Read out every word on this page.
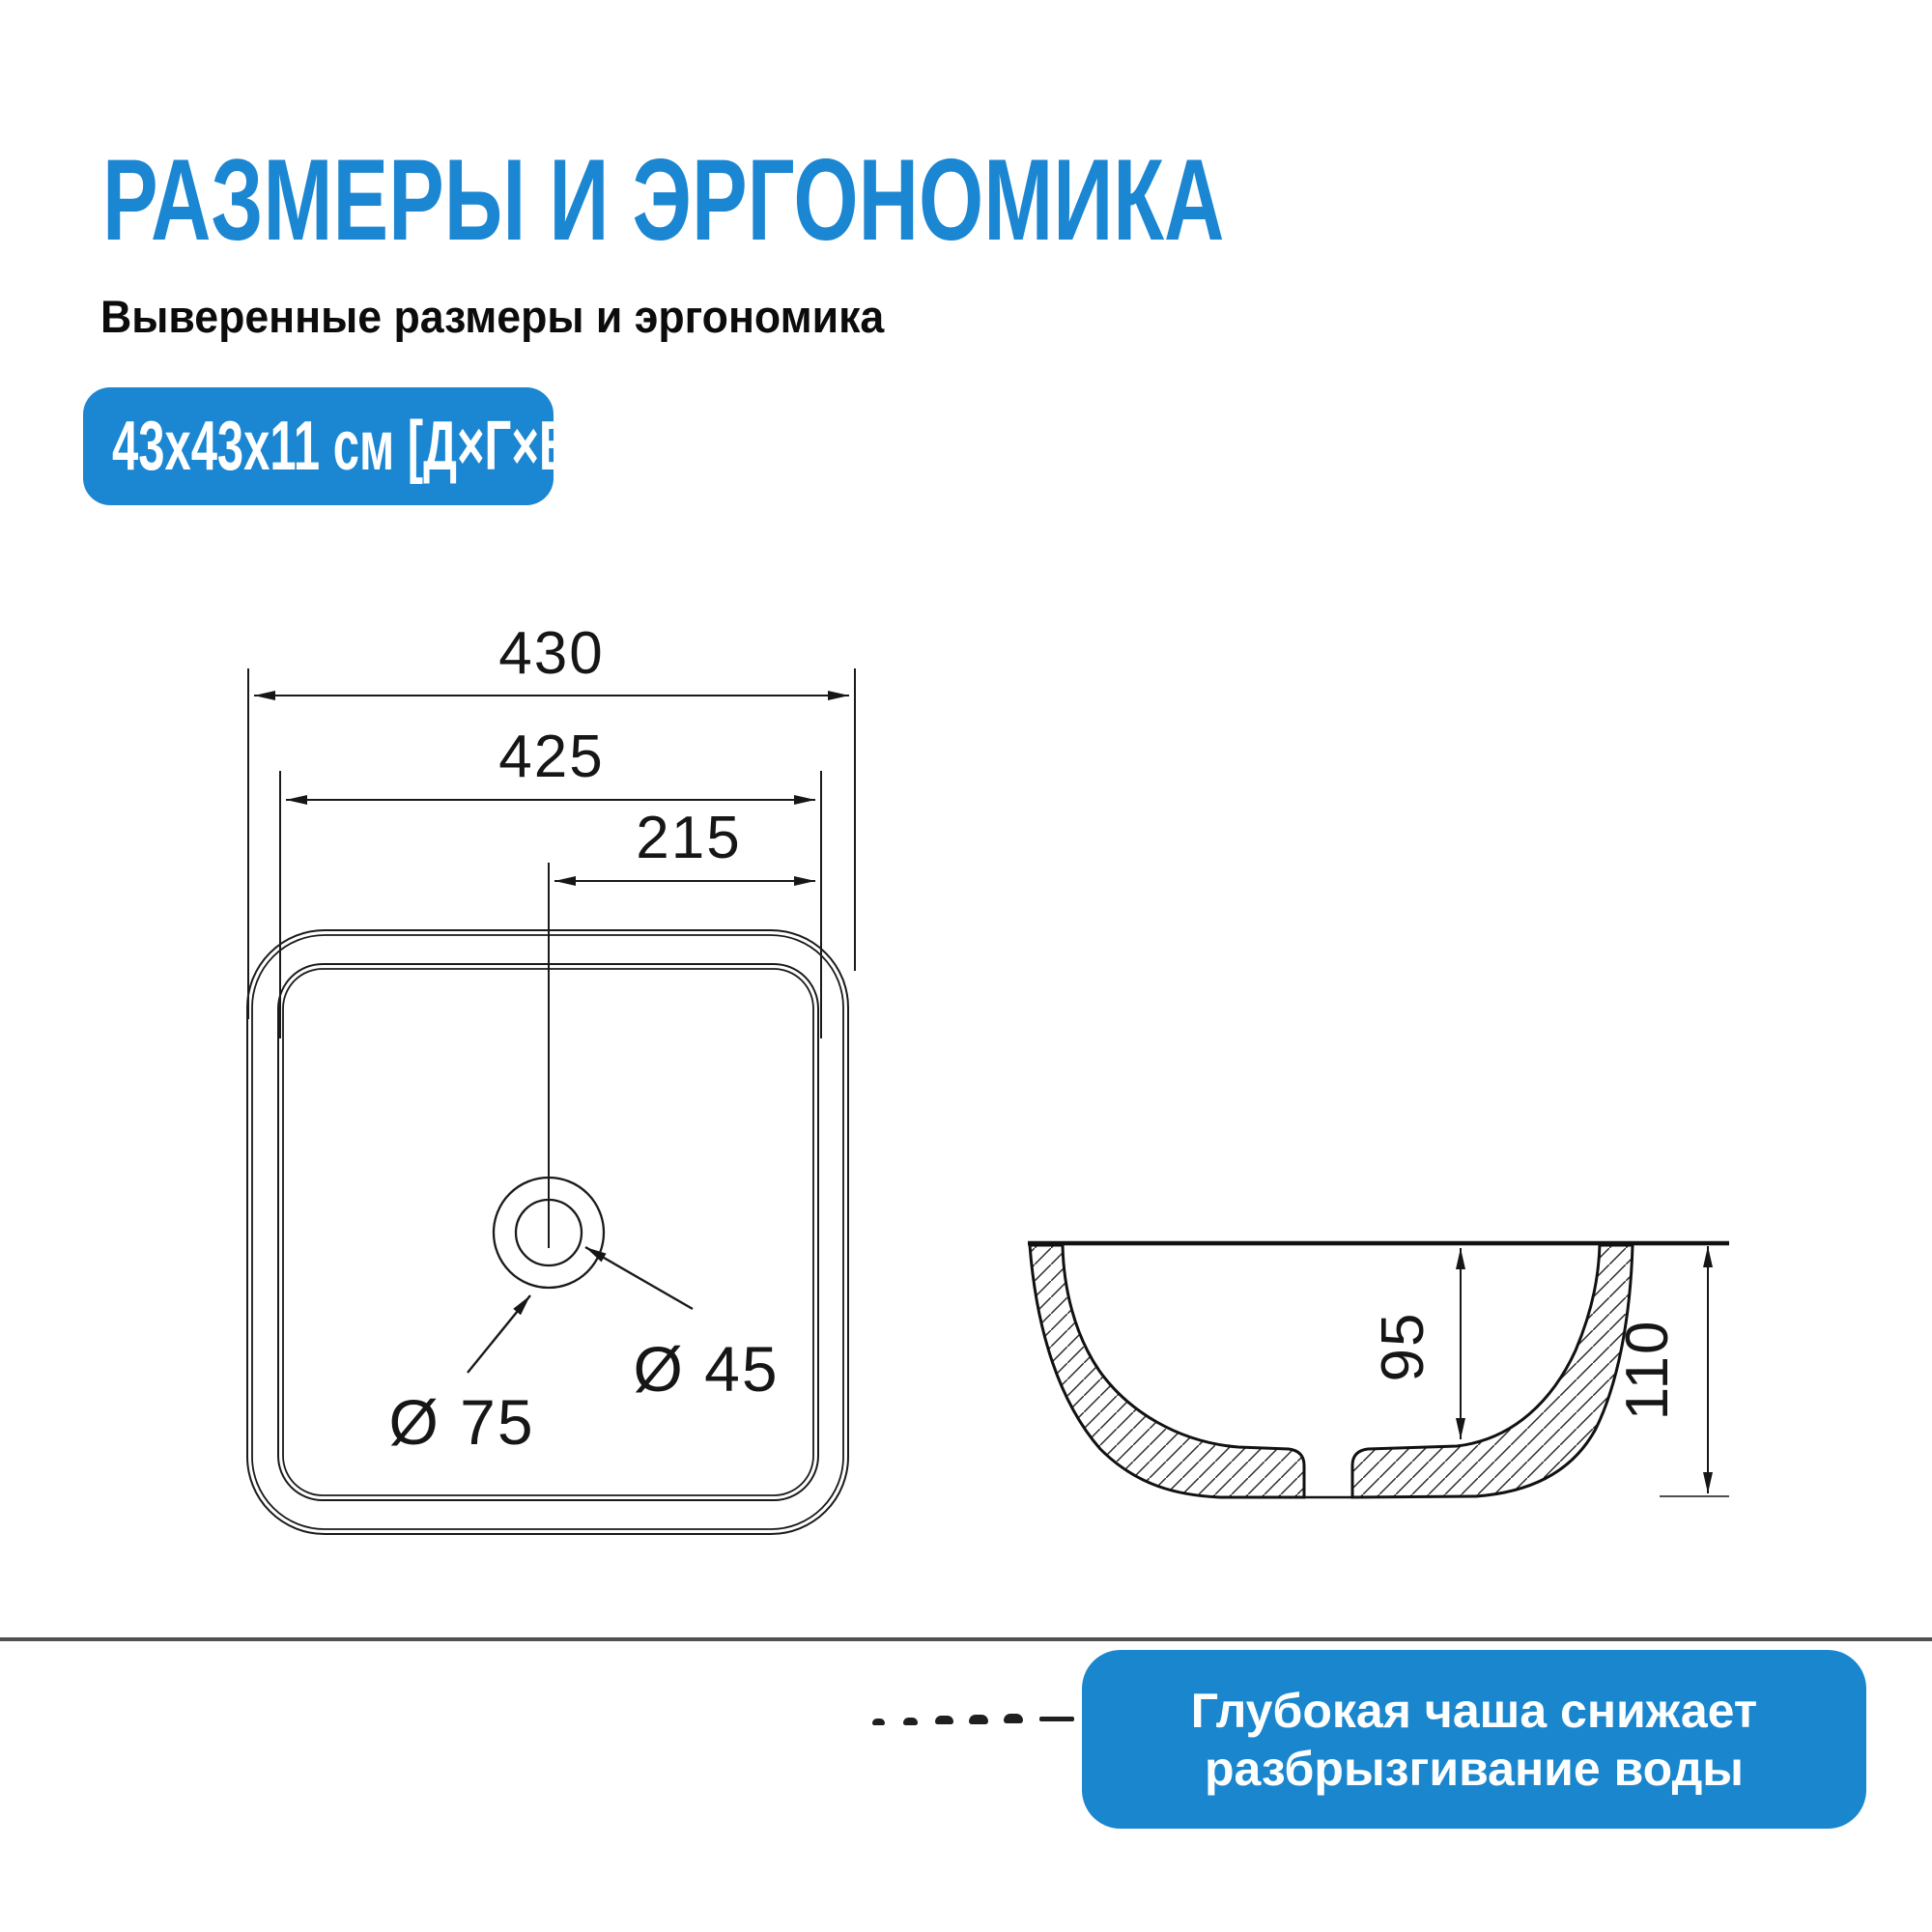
РАЗМЕРЫ И ЭРГОНОМИКА
Выверенные размеры и эргономика
43x43x11 см [Д×Г×В]
430
425
215
Ø 75
Ø 45	95	110
Глубокая чаша снижает
разбрызгивание воды
